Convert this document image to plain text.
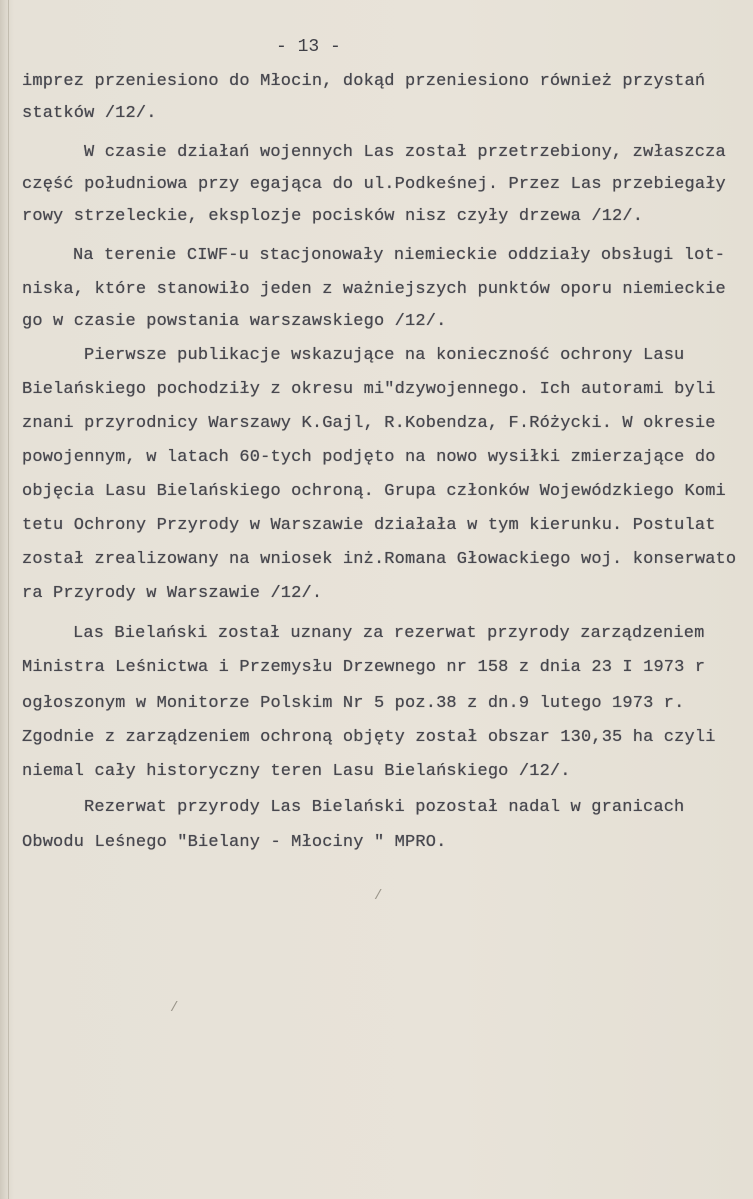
- 13 -
imprez przeniesiono do Młocin, dokąd przeniesiono również przystań
statków /12/.
W czasie działań wojennych Las został przetrzebiony, zwłaszcza
część południowa przy egająca do ul.Podkeśnej. Przez Las przebiegały
rowy strzeleckie, eksplozje pocisków nisz czyły drzewa /12/.
Na terenie CIWF-u stacjonowały niemieckie oddziały obsługi lot-
niska, które stanowiło jeden z ważniejszych punktów oporu niemieckie
go w czasie powstania warszawskiego /12/.
Pierwsze publikacje wskazujące na konieczność ochrony Lasu
Bielańskiego pochodziły z okresu mi"dzywojennego. Ich autorami byli
znani przyrodnicy Warszawy K.Gajl, R.Kobendza, F.Różycki. W okresie
powojennym, w latach 60-tych podjęto na nowo wysiłki zmierzające do
objęcia Lasu Bielańskiego ochroną. Grupa członków Wojewódzkiego Komi
tetu Ochrony Przyrody w Warszawie działała w tym kierunku. Postulat
został zrealizowany na wniosek inż.Romana Głowackiego woj. konserwato
ra Przyrody w Warszawie /12/.
Las Bielański został uznany za rezerwat przyrody zarządzeniem
Ministra Leśnictwa i Przemysłu Drzewnego nr 158 z dnia 23 I 1973 r
ogłoszonym w Monitorze Polskim Nr 5 poz.38 z dn.9 lutego 1973 r.
Zgodnie z zarządzeniem ochroną objęty został obszar 130,35 ha czyli
niemal cały historyczny teren Lasu Bielańskiego /12/.
Rezerwat przyrody Las Bielański pozostał nadal w granicach
Obwodu Leśnego "Bielany - Młociny " MPRO.
/
/
